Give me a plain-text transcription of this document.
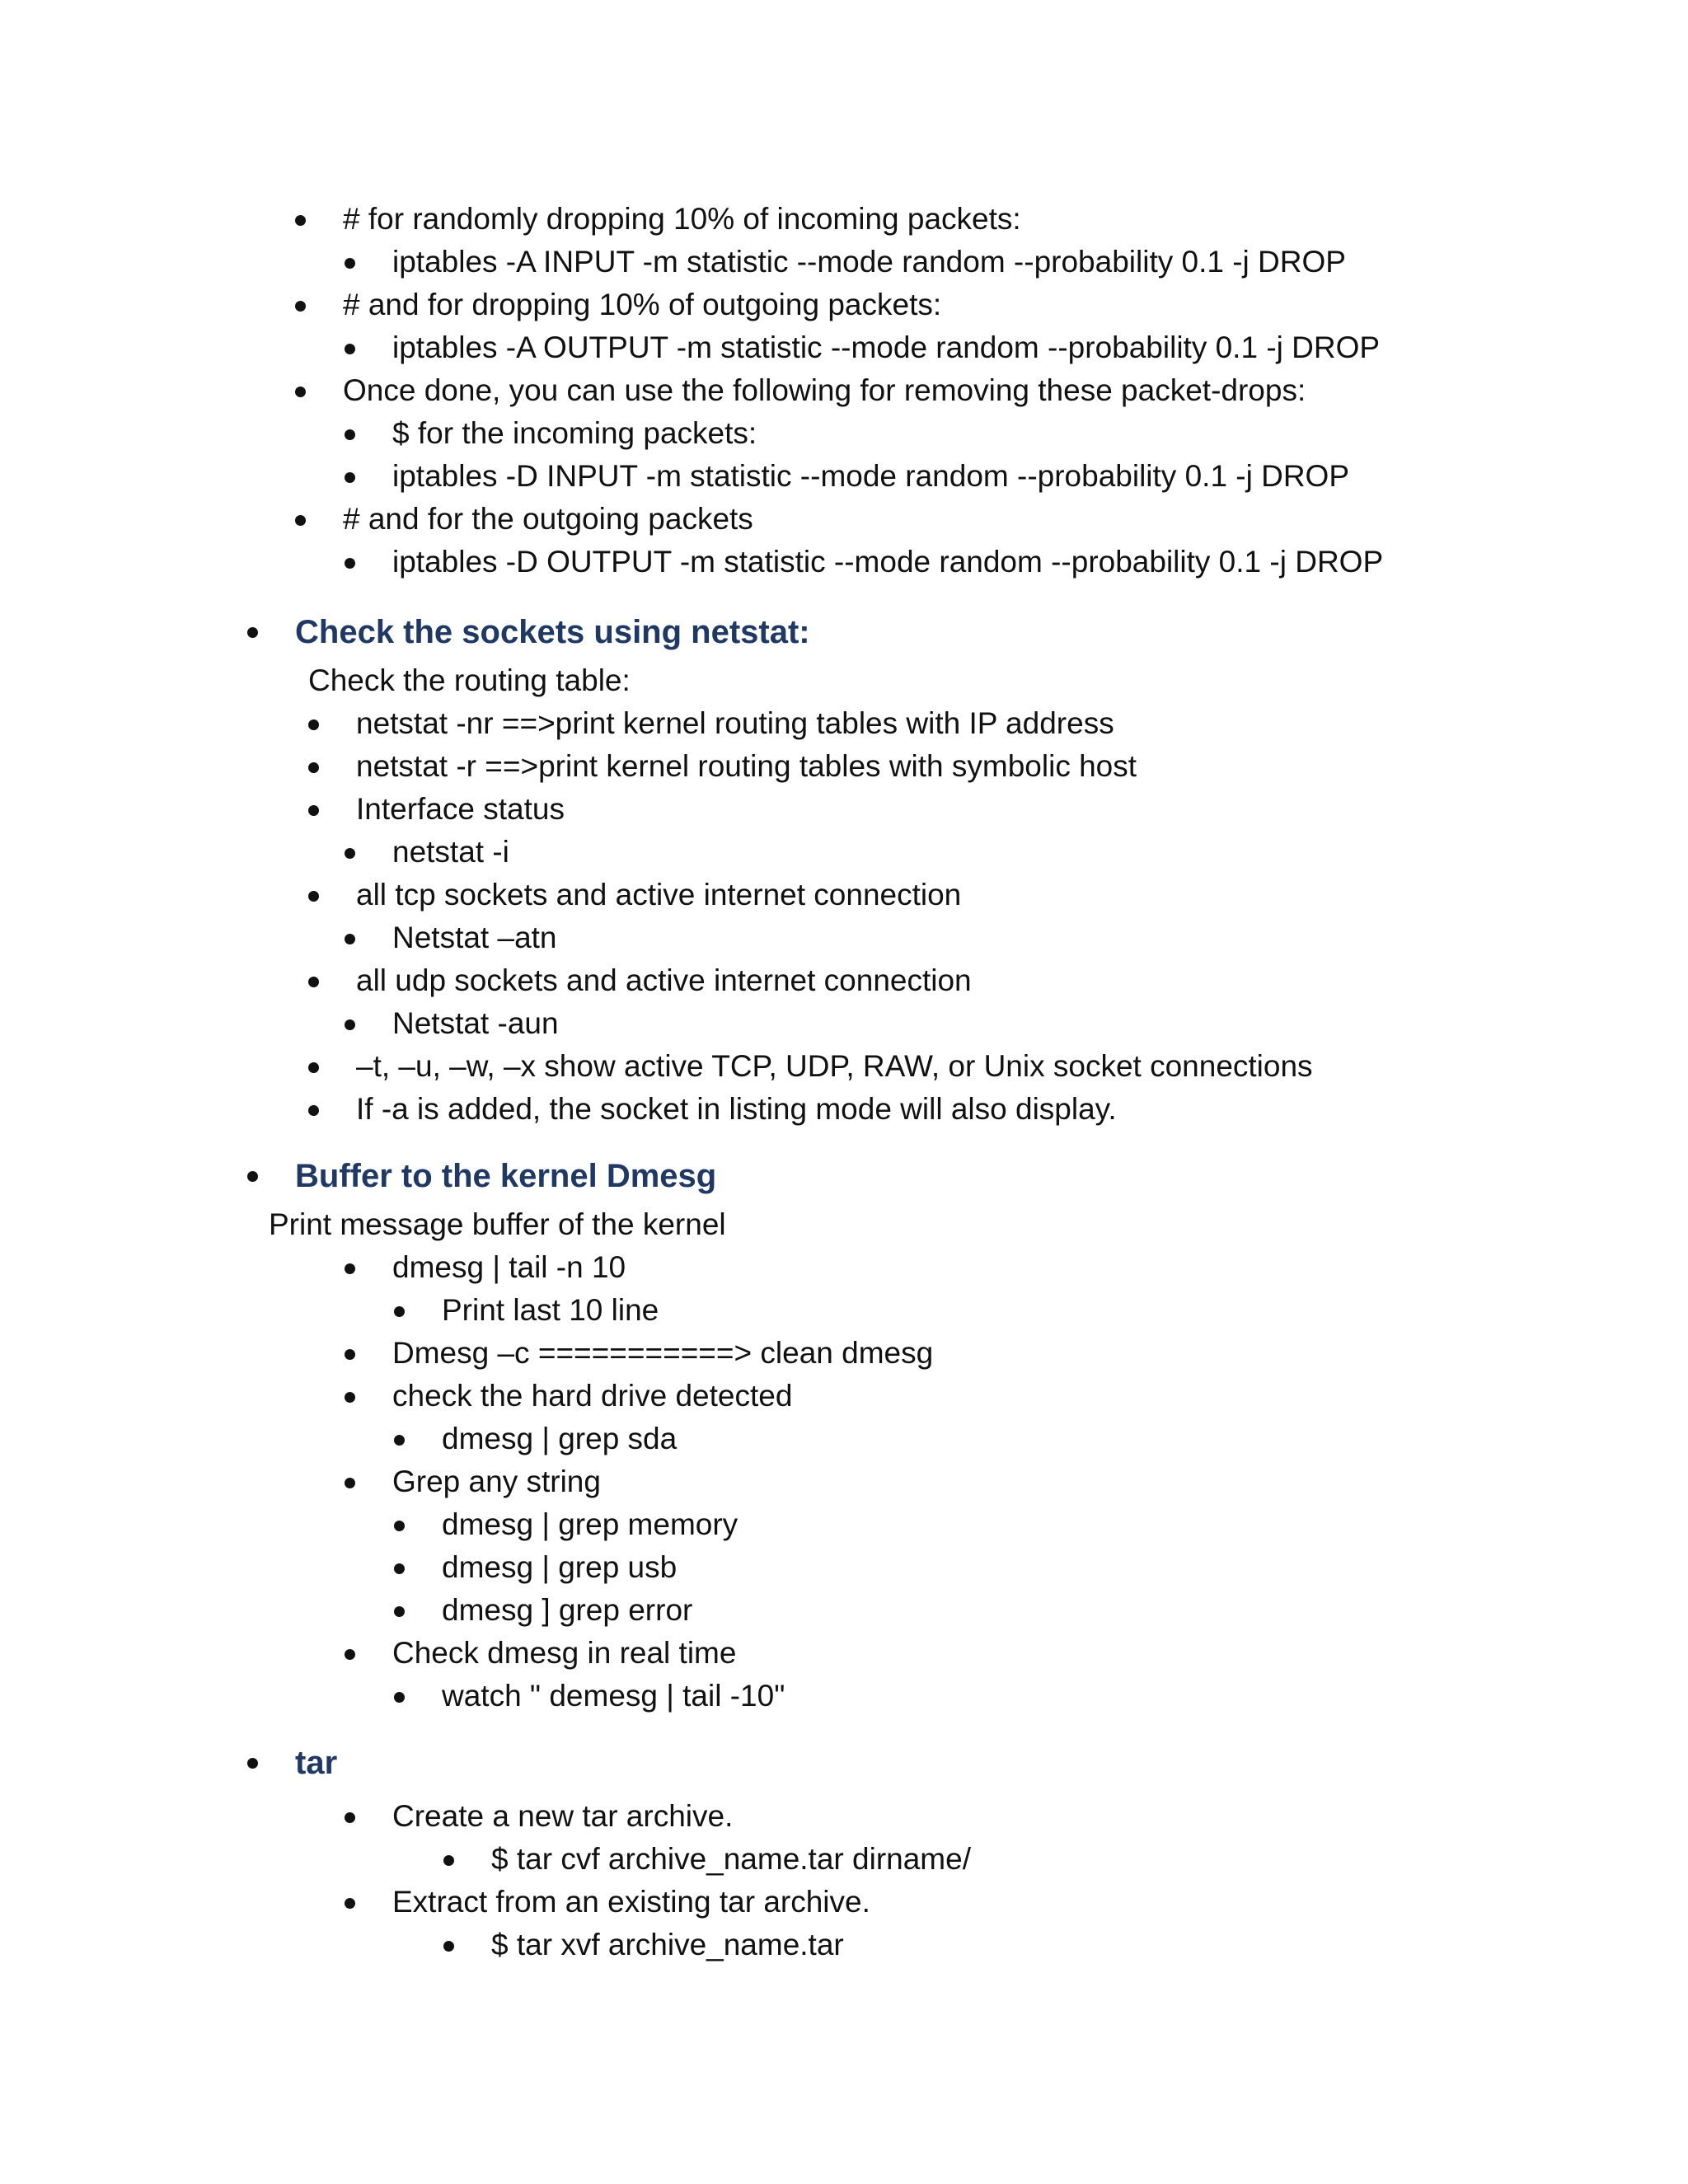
# for randomly dropping 10% of incoming packets:
iptables -A INPUT -m statistic --mode random --probability 0.1 -j DROP
# and for dropping 10% of outgoing packets:
iptables -A OUTPUT -m statistic --mode random --probability 0.1 -j DROP
Once done, you can use the following for removing these packet-drops:
$ for the incoming packets:
iptables -D INPUT -m statistic --mode random --probability 0.1 -j DROP
# and for the outgoing packets
iptables -D OUTPUT -m statistic --mode random --probability 0.1 -j DROP
Check the sockets using netstat:
Check the routing table:
netstat -nr ==>print kernel routing tables with IP address
netstat -r ==>print kernel routing tables with symbolic host
Interface status
netstat -i
all tcp sockets and active internet connection
Netstat –atn
all udp sockets and active internet connection
Netstat -aun
–t, –u, –w, –x show active TCP, UDP, RAW, or Unix socket connections
If -a is added, the socket in listing mode will also display.
Buffer to the kernel Dmesg
Print message buffer of the kernel
dmesg | tail -n 10
Print last 10 line
Dmesg –c ===========> clean dmesg
check the hard drive detected
dmesg | grep sda
Grep any string
dmesg | grep memory
dmesg | grep usb
dmesg ] grep error
Check dmesg in real time
watch " demesg | tail -10"
tar
Create a new tar archive.
$ tar cvf archive_name.tar dirname/
Extract from an existing tar archive.
$ tar xvf archive_name.tar
